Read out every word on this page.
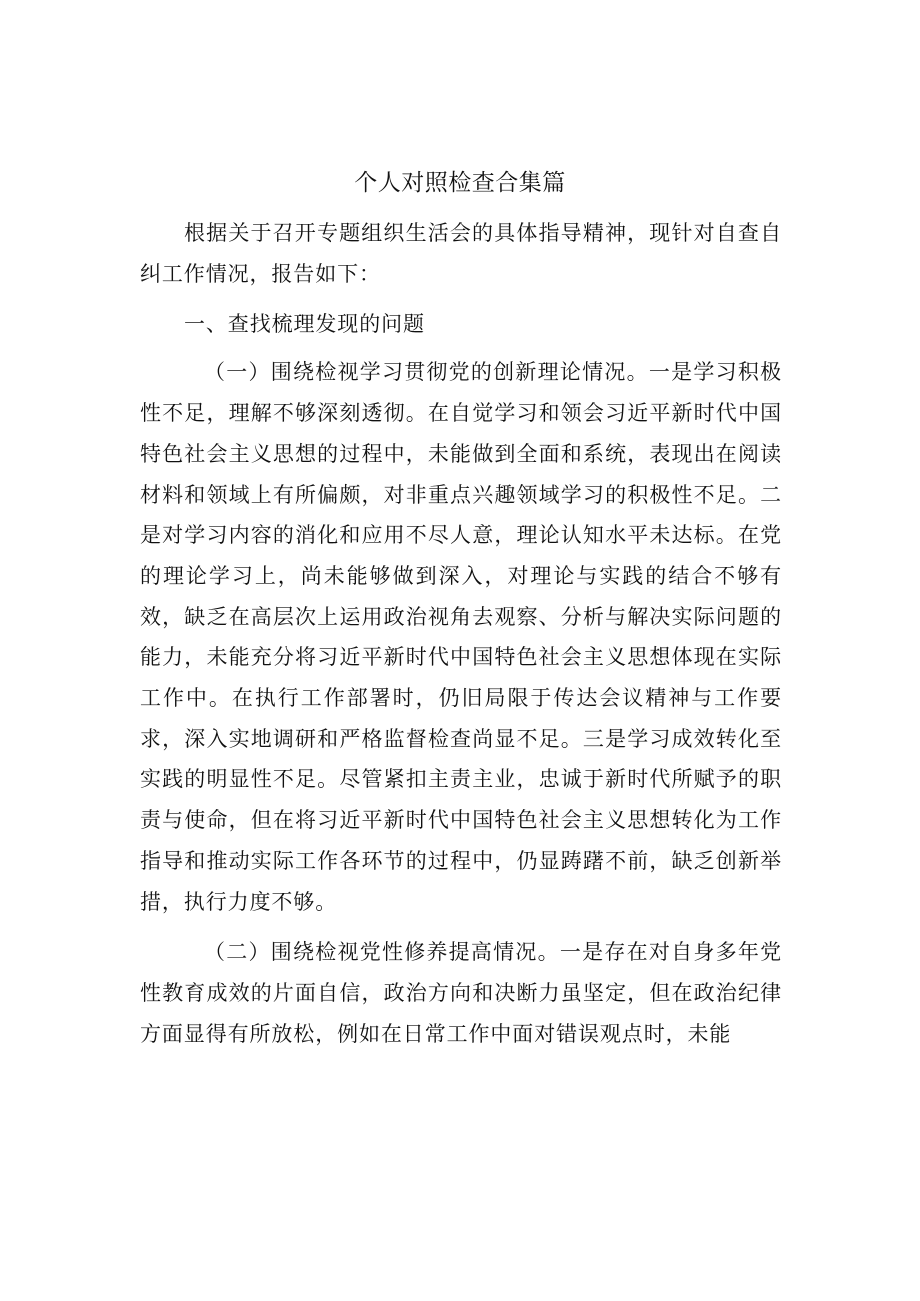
个人对照检查合集篇

根据关于召开专题组织生活会的具体指导精神，现针对自查自纠工作情况，报告如下：

一、查找梳理发现的问题

（一）围绕检视学习贯彻党的创新理论情况。一是学习积极性不足，理解不够深刻透彻。在自觉学习和领会习近平新时代中国特色社会主义思想的过程中，未能做到全面和系统，表现出在阅读材料和领域上有所偏颇，对非重点兴趣领域学习的积极性不足。二是对学习内容的消化和应用不尽人意，理论认知水平未达标。在党的理论学习上，尚未能够做到深入，对理论与实践的结合不够有效，缺乏在高层次上运用政治视角去观察、分析与解决实际问题的能力，未能充分将习近平新时代中国特色社会主义思想体现在实际工作中。在执行工作部署时，仍旧局限于传达会议精神与工作要求，深入实地调研和严格监督检查尚显不足。三是学习成效转化至实践的明显性不足。尽管紧扣主责主业，忠诚于新时代所赋予的职责与使命，但在将习近平新时代中国特色社会主义思想转化为工作指导和推动实际工作各环节的过程中，仍显踌躇不前，缺乏创新举措，执行力度不够。

（二）围绕检视党性修养提高情况。一是存在对自身多年党性教育成效的片面自信，政治方向和决断力虽坚定，但在政治纪律方面显得有所放松，例如在日常工作中面对错误观点时，未能
